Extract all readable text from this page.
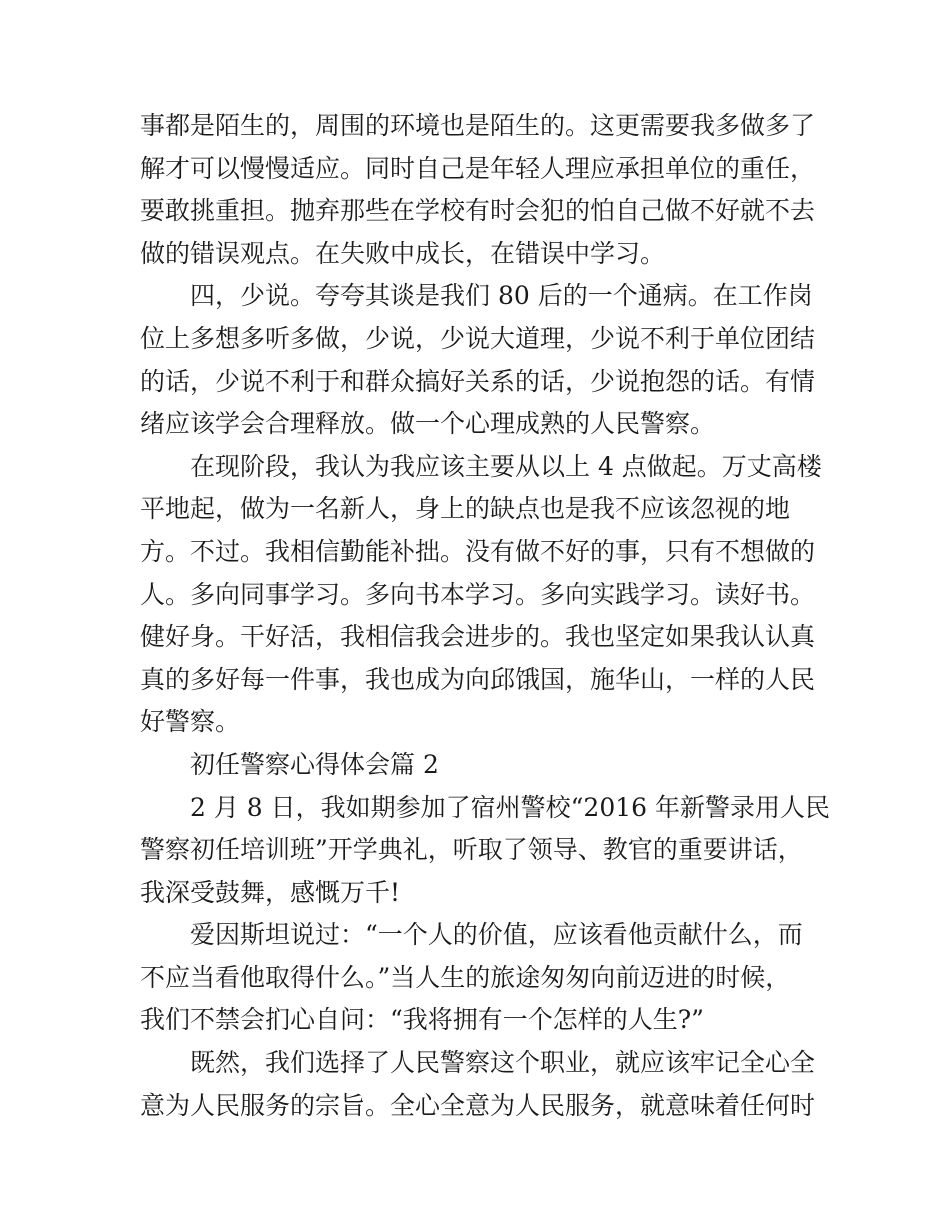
事都是陌生的，周围的环境也是陌生的。这更需要我多做多了
解才可以慢慢适应。同时自己是年轻人理应承担单位的重任，
要敢挑重担。抛弃那些在学校有时会犯的怕自己做不好就不去
做的错误观点。在失败中成长，在错误中学习。
四，少说。夸夸其谈是我们 80 后的一个通病。在工作岗
位上多想多听多做，少说，少说大道理，少说不利于单位团结
的话，少说不利于和群众搞好关系的话，少说抱怨的话。有情
绪应该学会合理释放。做一个心理成熟的人民警察。
在现阶段，我认为我应该主要从以上 4 点做起。万丈高楼
平地起，做为一名新人，身上的缺点也是我不应该忽视的地
方。不过。我相信勤能补拙。没有做不好的事，只有不想做的
人。多向同事学习。多向书本学习。多向实践学习。读好书。
健好身。干好活，我相信我会进步的。我也坚定如果我认认真
真的多好每一件事，我也成为向邱饿国，施华山，一样的人民
好警察。
初任警察心得体会篇 2
2 月 8 日，我如期参加了宿州警校“2016 年新警录用人民
警察初任培训班”开学典礼，听取了领导、教官的重要讲话，
我深受鼓舞，感慨万千!
爱因斯坦说过：“一个人的价值，应该看他贡献什么，而
不应当看他取得什么。”当人生的旅途匆匆向前迈进的时候，
我们不禁会扪心自问：“我将拥有一个怎样的人生?”
既然，我们选择了人民警察这个职业，就应该牢记全心全
意为人民服务的宗旨。全心全意为人民服务，就意味着任何时
